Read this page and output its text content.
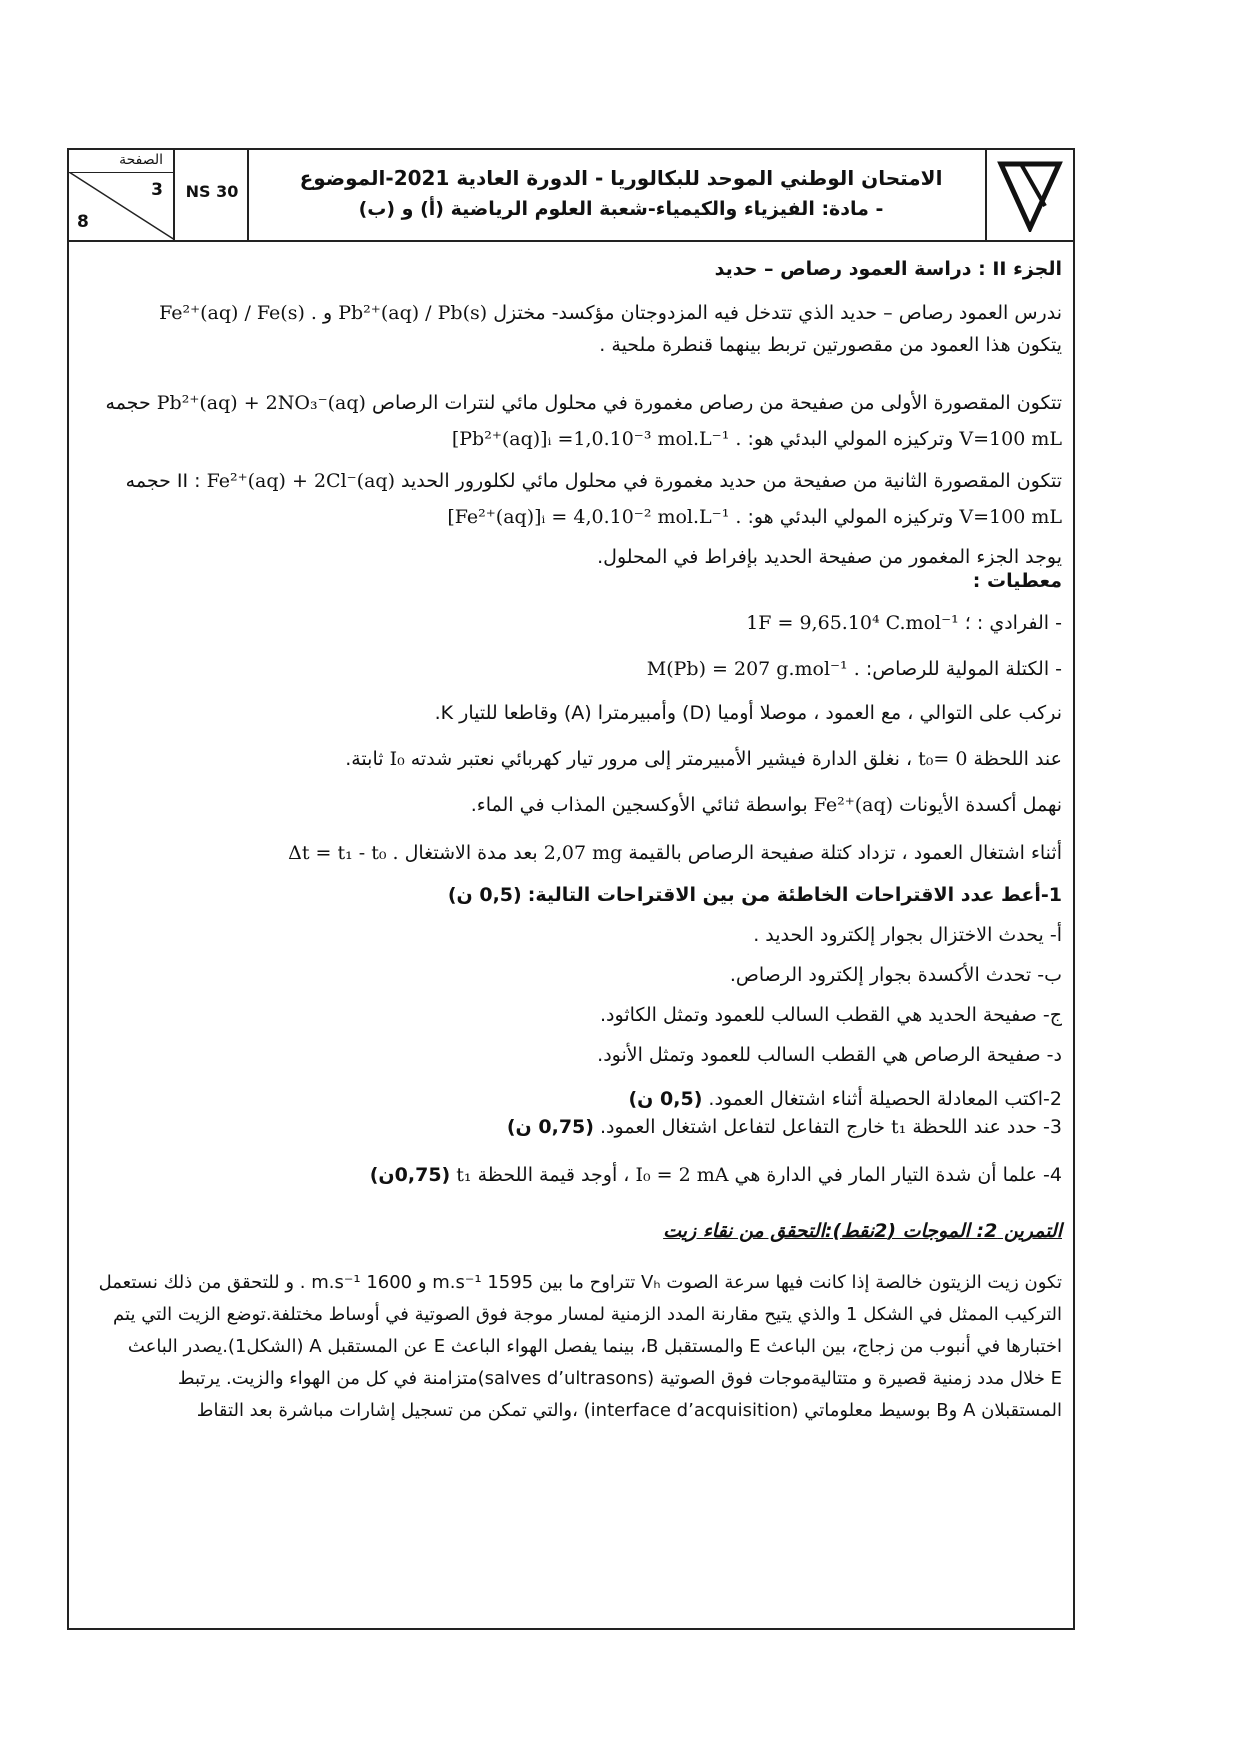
الصفحة
3
8
NS 30
الامتحان الوطني الموحد للبكالوريا - الدورة العادية 2021-الموضوع
- مادة: الفيزياء والكيمياء-شعبة العلوم الرياضية (أ) و (ب)
الجزء II : دراسة العمود رصاص – حديد
ندرس العمود رصاص – حديد الذي تتدخل فيه المزدوجتان مؤكسد- مختزل Pb²⁺(aq) / Pb(s) و Fe²⁺(aq) / Fe(s) .
يتكون هذا العمود من مقصورتين تربط بينهما قنطرة ملحية .
تتكون المقصورة الأولى من صفيحة من رصاص مغمورة في محلول مائي لنترات الرصاص Pb²⁺(aq) + 2NO₃⁻(aq) حجمه
V=100 mL وتركيزه المولي البدئي هو: [Pb²⁺(aq)]ᵢ =1,0.10⁻³ mol.L⁻¹ .
تتكون المقصورة الثانية من صفيحة من حديد مغمورة في محلول مائي لكلورور الحديد II : Fe²⁺(aq) + 2Cl⁻(aq) حجمه
V=100 mL وتركيزه المولي البدئي هو: [Fe²⁺(aq)]ᵢ = 4,0.10⁻² mol.L⁻¹ .
يوجد الجزء المغمور من صفيحة الحديد بإفراط في المحلول.
معطيات :
- الفرادي : 1F = 9,65.10⁴ C.mol⁻¹ ؛
- الكتلة المولية للرصاص: M(Pb) = 207 g.mol⁻¹ .
نركب على التوالي ، مع العمود ، موصلا أوميا (D) وأمبيرمترا (A) وقاطعا للتيار K.
عند اللحظة t₀= 0 ، نغلق الدارة فيشير الأمبيرمتر إلى مرور تيار كهربائي نعتبر شدته I₀ ثابتة.
نهمل أكسدة الأيونات Fe²⁺(aq) بواسطة ثنائي الأوكسجين المذاب في الماء.
أثناء اشتغال العمود ، تزداد كتلة صفيحة الرصاص بالقيمة 2,07 mg بعد مدة الاشتغال Δt = t₁ - t₀ .
1-أعط عدد الاقتراحات الخاطئة من بين الاقتراحات التالية: (0,5 ن)
أ- يحدث الاختزال بجوار إلكترود الحديد .
ب- تحدث الأكسدة بجوار إلكترود الرصاص.
ج- صفيحة الحديد هي القطب السالب للعمود وتمثل الكاثود.
د- صفيحة الرصاص هي القطب السالب للعمود وتمثل الأنود.
2-اكتب المعادلة الحصيلة أثناء اشتغال العمود. (0,5 ن)
3- حدد عند اللحظة t₁ خارج التفاعل لتفاعل اشتغال العمود. (0,75 ن)
4- علما أن شدة التيار المار في الدارة هي I₀ = 2 mA ، أوجد قيمة اللحظة t₁ (0,75ن)
التمرين 2: الموجات (2نقط):التحقق من نقاء زيت
تكون زيت الزيتون خالصة إذا كانت فيها سرعة الصوت Vₕ تتراوح ما بين 1595 m.s⁻¹ و 1600 m.s⁻¹ . و للتحقق من ذلك نستعمل
التركيب الممثل في الشكل 1 والذي يتيح مقارنة المدد الزمنية لمسار موجة فوق الصوتية في أوساط مختلفة.توضع الزيت التي يتم
اختبارها في أنبوب من زجاج، بين الباعث E والمستقبل B، بينما يفصل الهواء الباعث E عن المستقبل A (الشكل1).يصدر الباعث
E خلال مدد زمنية قصيرة و متتاليةموجات فوق الصوتية (salves d’ultrasons)متزامنة في كل من الهواء والزيت. يرتبط
المستقبلان A وB بوسيط معلوماتي (interface d’acquisition) ،والتي تمكن من تسجيل إشارات مباشرة بعد التقاط
